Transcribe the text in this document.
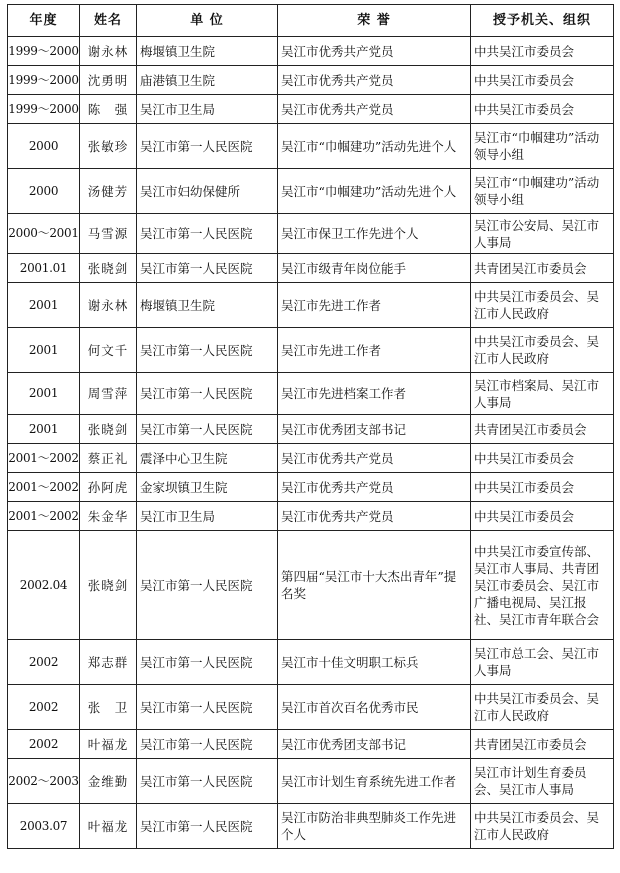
年度	姓名	单 位	荣 誉	授予机关、组织
1999～2000	谢永林	梅堰镇卫生院	吴江市优秀共产党员	中共吴江市委员会
1999～2000	沈勇明	庙港镇卫生院	吴江市优秀共产党员	中共吴江市委员会
1999～2000	陈　强	吴江市卫生局	吴江市优秀共产党员	中共吴江市委员会
2000	张敏珍	吴江市第一人民医院	吴江市“巾帼建功”活动先进个人	吴江市“巾帼建功”活动领导小组
2000	汤健芳	吴江市妇幼保健所	吴江市“巾帼建功”活动先进个人	吴江市“巾帼建功”活动领导小组
2000～2001	马雪源	吴江市第一人民医院	吴江市保卫工作先进个人	吴江市公安局、吴江市人事局
2001.01	张晓剑	吴江市第一人民医院	吴江市级青年岗位能手	共青团吴江市委员会
2001	谢永林	梅堰镇卫生院	吴江市先进工作者	中共吴江市委员会、吴江市人民政府
2001	何文千	吴江市第一人民医院	吴江市先进工作者	中共吴江市委员会、吴江市人民政府
2001	周雪萍	吴江市第一人民医院	吴江市先进档案工作者	吴江市档案局、吴江市人事局
2001	张晓剑	吴江市第一人民医院	吴江市优秀团支部书记	共青团吴江市委员会
2001～2002	蔡正礼	震泽中心卫生院	吴江市优秀共产党员	中共吴江市委员会
2001～2002	孙阿虎	金家坝镇卫生院	吴江市优秀共产党员	中共吴江市委员会
2001～2002	朱金华	吴江市卫生局	吴江市优秀共产党员	中共吴江市委员会
2002.04	张晓剑	吴江市第一人民医院	第四届“吴江市十大杰出青年”提名奖	中共吴江市委宣传部、吴江市人事局、共青团吴江市委员会、吴江市广播电视局、吴江报社、吴江市青年联合会
2002	郑志群	吴江市第一人民医院	吴江市十佳文明职工标兵	吴江市总工会、吴江市人事局
2002	张　卫	吴江市第一人民医院	吴江市首次百名优秀市民	中共吴江市委员会、吴江市人民政府
2002	叶福龙	吴江市第一人民医院	吴江市优秀团支部书记	共青团吴江市委员会
2002～2003	金维勤	吴江市第一人民医院	吴江市计划生育系统先进工作者	吴江市计划生育委员会、吴江市人事局
2003.07	叶福龙	吴江市第一人民医院	吴江市防治非典型肺炎工作先进个人	中共吴江市委员会、吴江市人民政府
